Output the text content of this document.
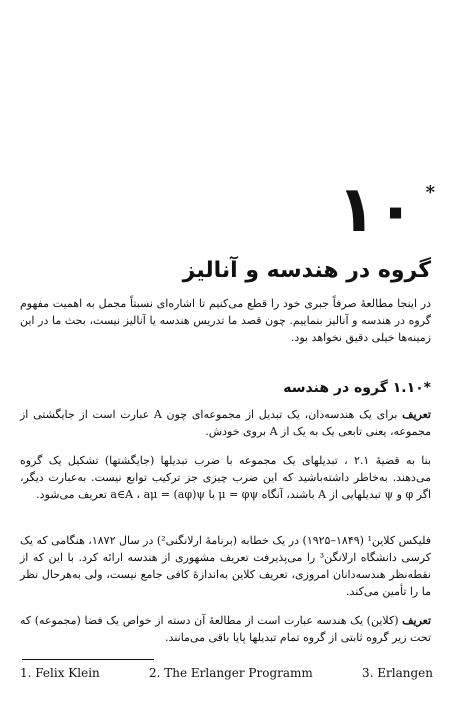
۱۰ *
گروه در هندسه و آنالیز

در اینجا مطالعهٔ صرفاً جبری خود را قطع می‌کنیم تا اشاره‌ای نسبتاً مجمل به اهمیت مفهوم گروه در هندسه و آنالیز بنماییم. چون قصد ما تدریس هندسه یا آنالیز نیست، بحث ما در این زمینه‌ها خیلی دقیق نخواهد بود.

*۱.۱۰ گروه در هندسه

تعریف برای یک هندسه‌دان، یک تبدیل از مجموعه‌ای چون A عبارت است از جایگشتی از مجموعه، یعنی تابعی یک به یک از A بروی خودش.

بنا به قضیهٔ ۲.۱ ، تبدیلهای یک مجموعه با ضرب تبدیلها (جایگشتها) تشکیل یک گروه می‌دهند. به‌خاطر داشته‌باشید که این ضرب چیزی جز ترکیب توابع نیست. به‌عبارت دیگر، اگر φ و ψ تبدیلهایی از A باشند، آنگاه μ = φψ با a∈A ، aμ = (aφ)ψ تعریف می‌شود.

فلیکس کلاین¹ (۱۸۴۹–۱۹۲۵) در یک خطابه (برنامهٔ ارلانگنی²) در سال ۱۸۷۲، هنگامی که یک کرسی دانشگاه ارلانگن³ را می‌پذیرفت تعریف مشهوری از هندسه ارائه کرد. با این که از نقطه‌نظر هندسه‌دانان امروزی، تعریف کلاین به‌اندازهٔ کافی جامع نیست، ولی به‌هرحال نظر ما را تأمین می‌کند.

تعریف (کلاین) یک هندسه عبارت است از مطالعهٔ آن دسته از خواص یک فضا (مجموعه) که تحت زیر گروه ثابتی از گروه تمام تبدیلها پایا باقی می‌مانند.

1. Felix Klein	2. The Erlanger Programm	3. Erlangen
